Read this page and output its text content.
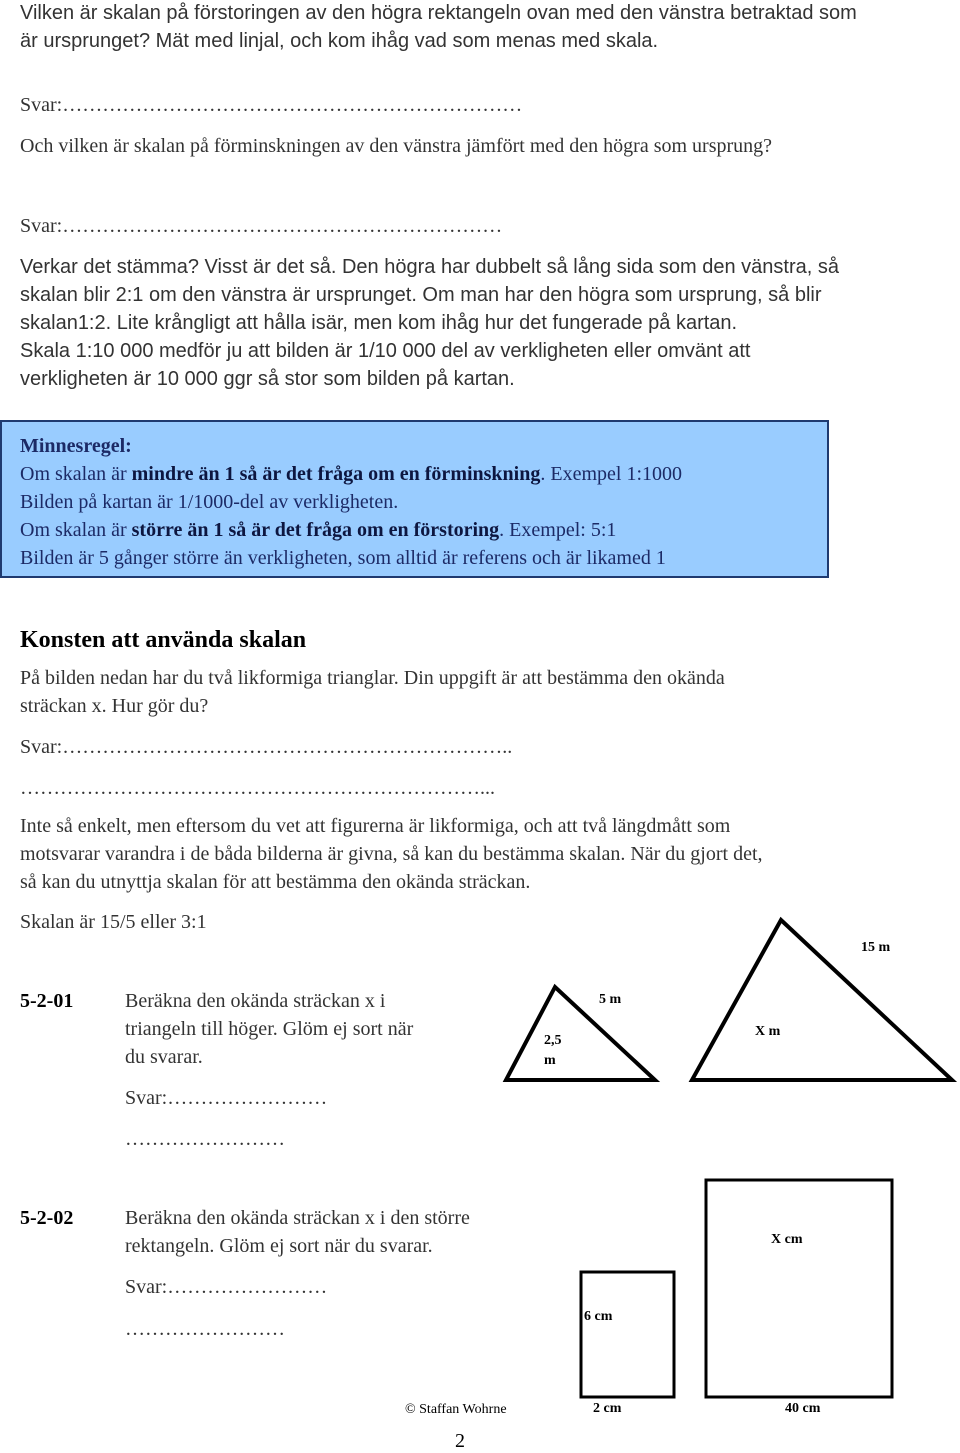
Vilken är skalan på förstoringen av den högra rektangeln ovan med den vänstra betraktad som
är ursprunget? Mät med linjal, och kom ihåg vad som menas med skala.
Svar:……………………………………………………………
Och vilken är skalan på förminskningen av den vänstra jämfört med den högra som ursprung?
Svar:…………………………………………………………
Verkar det stämma? Visst är det så. Den högra har dubbelt så lång sida som den vänstra, så
skalan blir 2:1 om den vänstra är ursprunget. Om man har den högra som ursprung, så blir
skalan1:2. Lite krångligt att hålla isär, men kom ihåg hur det fungerade på kartan.
Skala 1:10 000 medför ju att bilden är 1/10 000 del av verkligheten eller omvänt att
verkligheten är 10 000 ggr så stor som bilden på kartan.
Minnesregel:
Om skalan är mindre än 1 så är det fråga om en förminskning. Exempel 1:1000
Bilden på kartan är 1/1000-del av verkligheten.
Om skalan är större än 1 så är det fråga om en förstoring. Exempel: 5:1
Bilden är 5 gånger större än verkligheten, som alltid är referens och är likamed 1
Konsten att använda skalan
På bilden nedan har du två likformiga trianglar. Din uppgift är att bestämma den okända
sträckan x. Hur gör du?
Svar:…………………………………………………………..
……………………………………………………………...
Inte så enkelt, men eftersom du vet att figurerna är likformiga, och att två längdmått som
motsvarar varandra i de båda bilderna är givna, så kan du bestämma skalan. När du gjort det,
så kan du utnyttja skalan för att bestämma den okända sträckan.
Skalan är 15/5 eller 3:1
5-2-01	Beräkna den okända sträckan x i
triangeln till höger. Glöm ej sort när
du svarar.
Svar:……………………
……………………
5-2-02	Beräkna den okända sträckan x i den större
rektangeln. Glöm ej sort när du svarar.
Svar:……………………
……………………
2,5
m
5 m
15 m
X m
6 cm
2 cm
X cm
40 cm
© Staffan Wohrne
2
